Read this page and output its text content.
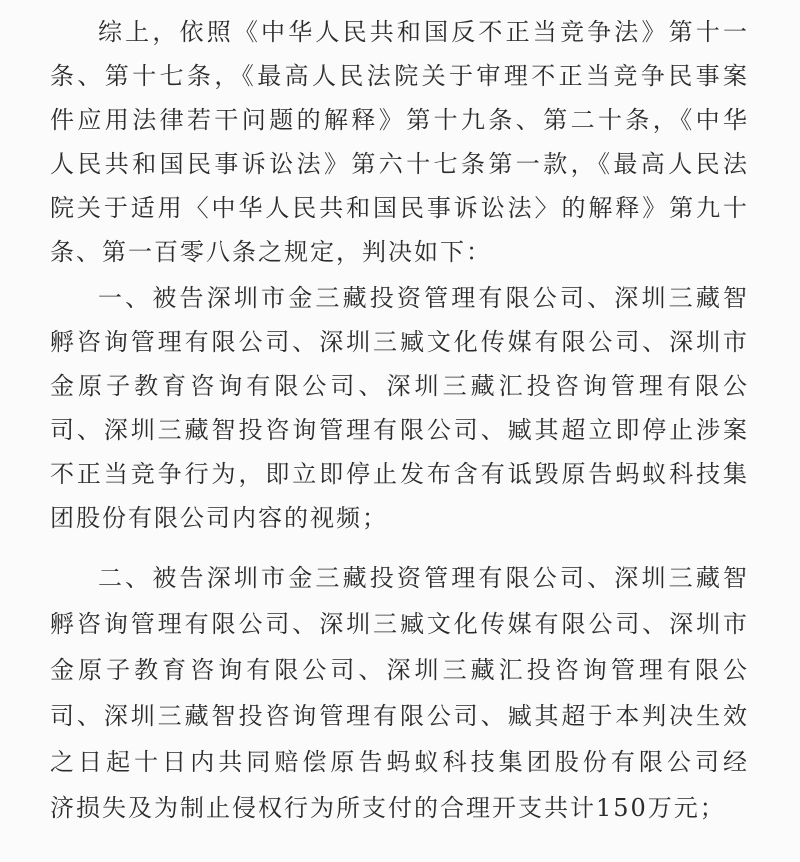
综上，依照《中华人民共和国反不正当竞争法》第十一
条、第十七条，《最高人民法院关于审理不正当竞争民事案
件应用法律若干问题的解释》第十九条、第二十条，《中华
人民共和国民事诉讼法》第六十七条第一款，《最高人民法
院关于适用〈中华人民共和国民事诉讼法〉的解释》第九十
条、第一百零八条之规定，判决如下：
一、被告深圳市金三藏投资管理有限公司、深圳三藏智
孵咨询管理有限公司、深圳三臧文化传媒有限公司、深圳市
金原子教育咨询有限公司、深圳三藏汇投咨询管理有限公
司、深圳三藏智投咨询管理有限公司、臧其超立即停止涉案
不正当竞争行为，即立即停止发布含有诋毁原告蚂蚁科技集
团股份有限公司内容的视频；
二、被告深圳市金三藏投资管理有限公司、深圳三藏智
孵咨询管理有限公司、深圳三臧文化传媒有限公司、深圳市
金原子教育咨询有限公司、深圳三藏汇投咨询管理有限公
司、深圳三藏智投咨询管理有限公司、臧其超于本判决生效
之日起十日内共同赔偿原告蚂蚁科技集团股份有限公司经
济损失及为制止侵权行为所支付的合理开支共计150万元；
